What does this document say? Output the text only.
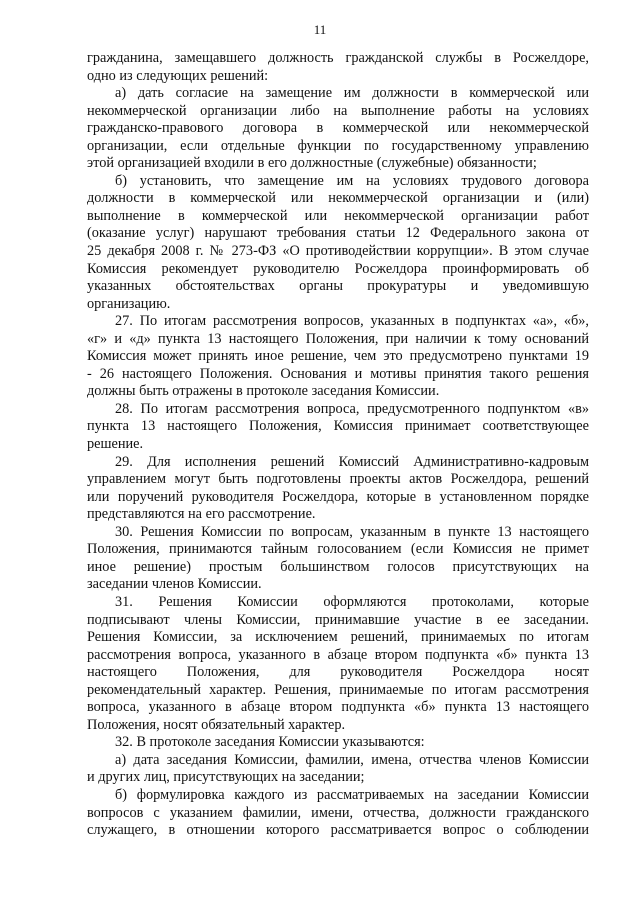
11
гражданина, замещавшего должность гражданской службы в Росжелдоре,
одно из следующих решений:
а) дать согласие на замещение им должности в коммерческой или
некоммерческой организации либо на выполнение работы на условиях
гражданско-правового договора в коммерческой или некоммерческой
организации, если отдельные функции по государственному управлению
этой организацией входили в его должностные (служебные) обязанности;
б) установить, что замещение им на условиях трудового договора
должности в коммерческой или некоммерческой организации и (или)
выполнение в коммерческой или некоммерческой организации работ
(оказание услуг) нарушают требования статьи 12 Федерального закона от
25 декабря 2008 г. № 273-ФЗ «О противодействии коррупции». В этом случае
Комиссия рекомендует руководителю Росжелдора проинформировать об
указанных обстоятельствах органы прокуратуры и уведомившую
организацию.
27. По итогам рассмотрения вопросов, указанных в подпунктах «а», «б»,
«г» и «д» пункта 13 настоящего Положения, при наличии к тому оснований
Комиссия может принять иное решение, чем это предусмотрено пунктами 19
- 26 настоящего Положения. Основания и мотивы принятия такого решения
должны быть отражены в протоколе заседания Комиссии.
28. По итогам рассмотрения вопроса, предусмотренного подпунктом «в»
пункта 13 настоящего Положения, Комиссия принимает соответствующее
решение.
29. Для исполнения решений Комиссий Административно-кадровым
управлением могут быть подготовлены проекты актов Росжелдора, решений
или поручений руководителя Росжелдора, которые в установленном порядке
представляются на его рассмотрение.
30. Решения Комиссии по вопросам, указанным в пункте 13 настоящего
Положения, принимаются тайным голосованием (если Комиссия не примет
иное решение) простым большинством голосов присутствующих на
заседании членов Комиссии.
31. Решения Комиссии оформляются протоколами, которые
подписывают члены Комиссии, принимавшие участие в ее заседании.
Решения Комиссии, за исключением решений, принимаемых по итогам
рассмотрения вопроса, указанного в абзаце втором подпункта «б» пункта 13
настоящего Положения, для руководителя Росжелдора носят
рекомендательный характер. Решения, принимаемые по итогам рассмотрения
вопроса, указанного в абзаце втором подпункта «б» пункта 13 настоящего
Положения, носят обязательный характер.
32. В протоколе заседания Комиссии указываются:
а) дата заседания Комиссии, фамилии, имена, отчества членов Комиссии
и других лиц, присутствующих на заседании;
б) формулировка каждого из рассматриваемых на заседании Комиссии
вопросов с указанием фамилии, имени, отчества, должности гражданского
служащего, в отношении которого рассматривается вопрос о соблюдении
